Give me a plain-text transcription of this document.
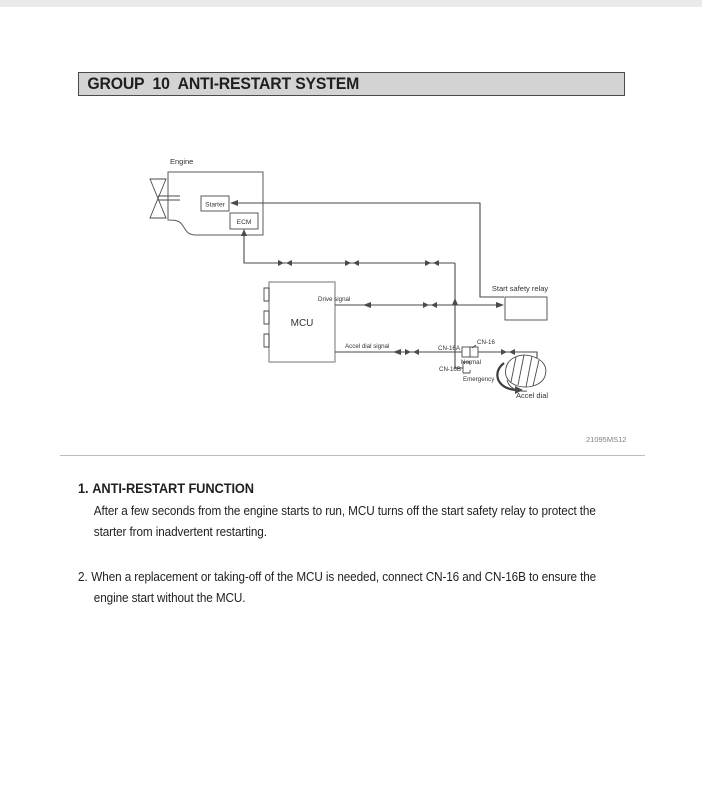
GROUP  10  ANTI-RESTART SYSTEM
Engine
Starter
ECM
MCU
Start safety relay
Drive signal
Accel dial signal	CN-16A
CN-16
Normal
CN-16B
Emergency
Accel dial
21095MS12
1. ANTI-RESTART FUNCTION

After a few seconds from the engine starts to run, MCU turns off the start safety relay to protect the starter from inadvertent restarting.

2. When a replacement or taking-off of the MCU is needed, connect CN-16 and CN-16B to ensure the engine start without the MCU.
